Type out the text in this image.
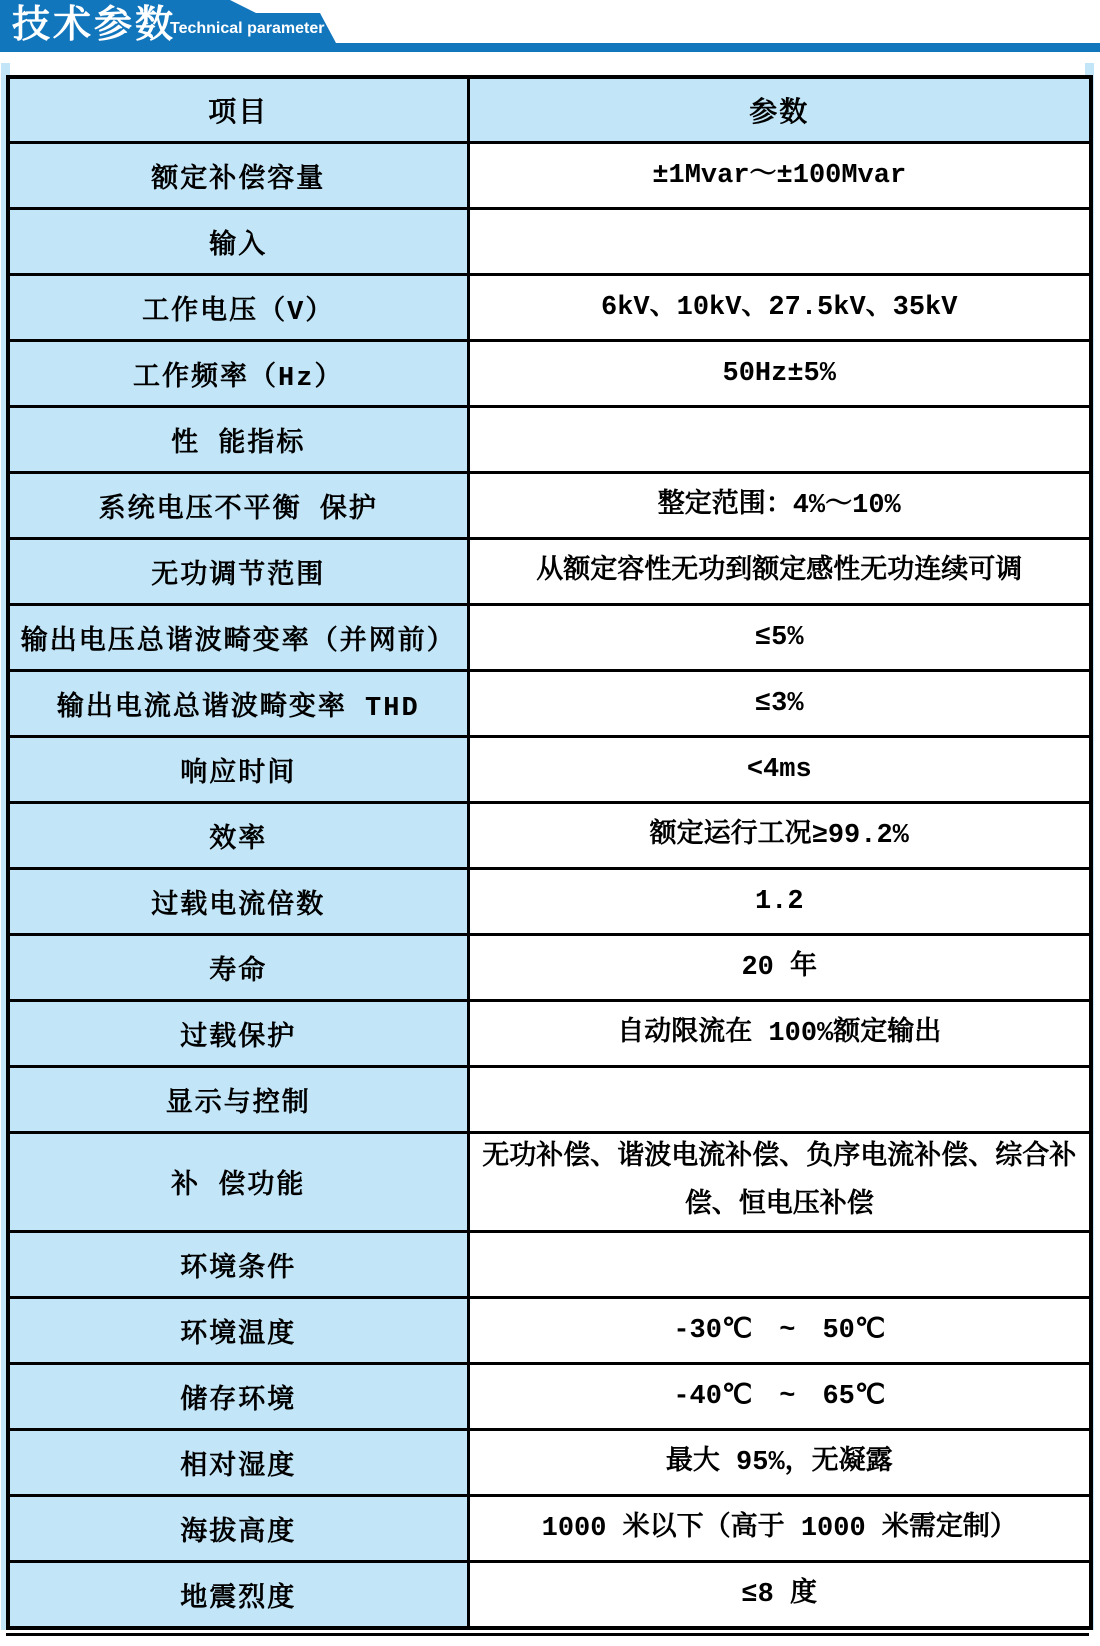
技术参数
Technical parameter
项目	参数
额定补偿容量	±1Mvar～±100Mvar
输入	
工作电压（V）	6kV、10kV、27.5kV、35kV
工作频率（Hz）	50Hz±5%
性 能指标	
系统电压不平衡 保护	整定范围：4%～10%
无功调节范围	从额定容性无功到额定感性无功连续可调
输出电压总谐波畸变率（并网前）	≤5%
输出电流总谐波畸变率 THD	≤3%
响应时间	<4ms
效率	额定运行工况≥99.2%
过载电流倍数	1.2
寿命	20 年
过载保护	自动限流在 100%额定输出
显示与控制	
补 偿功能	无功补偿、谐波电流补偿、负序电流补偿、综合补偿、恒电压补偿
环境条件	
环境温度	-30℃　~　50℃
储存环境	-40℃　~　65℃
相对湿度	最大 95%，无凝露
海拔高度	1000 米以下（高于 1000 米需定制）
地震烈度	≤8 度
